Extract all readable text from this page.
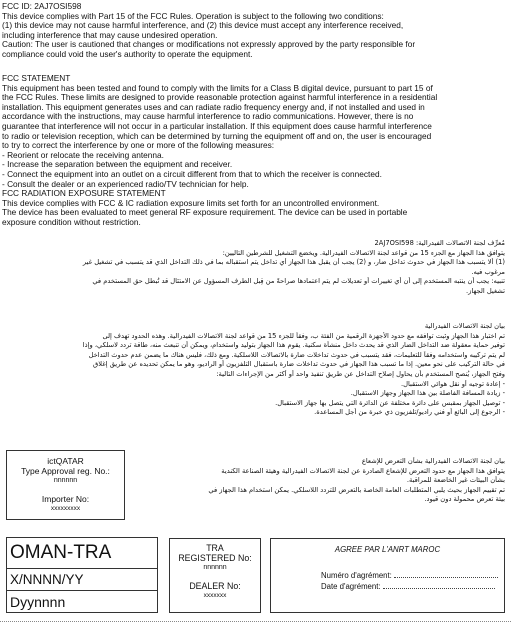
FCC ID: 2AJ7OSI598

This device complies with Part 15 of the FCC Rules. Operation is subject to the following two conditions:

(1) this device may not cause harmful interference, and (2) this device must accept any interference received,

including interference that may cause undesired operation.

Caution: The user is cautioned that changes or modifications not expressly approved by the party responsible for

compliance could void the user's authority to operate the equipment.

FCC STATEMENT

This equipment has been tested and found to comply with the limits for a Class B digital device, pursuant to part 15 of

the FCC Rules. These limits are designed to provide reasonable protection against harmful interference in a residential

installation. This equipment generates uses and can radiate radio frequency energy and, if not installed and used in

accordance with the instructions, may cause harmful interference to radio communications. However, there is no

guarantee that interference will not occur in a particular installation. If this equipment does cause harmful interference

to radio or television reception, which can be determined by turning the equipment off and on, the user is encouraged

to try to correct the interference by one or more of the following measures:

- Reorient or relocate the receiving antenna.

- Increase the separation between the equipment and receiver.

- Connect the equipment into an outlet on a circuit different from that to which the receiver is connected.

- Consult the dealer or an experienced radio/TV technician for help.

FCC RADIATION EXPOSURE STATEMENT

This device complies with FCC & IC radiation exposure limits set forth for an uncontrolled environment.

The device has been evaluated to meet general RF exposure requirement. The device can be used in portable

exposure condition without restriction.

مُعرِّف لجنة الاتصالات الفيدرالية: 2AJ7OSI598

يتوافق هذا الجهاز مع الجزء 15 من قواعد لجنة الاتصالات الفيدرالية. ويخضع التشغيل للشرطين التاليين:

(1) ألا يتسبب هذا الجهاز في حدوث تداخل ضار، و (2) يجب أن يقبل هذا الجهاز أي تداخل يتم استقباله بما في ذلك التداخل الذي قد يتسبب في تشغيل غير

مرغوب فيه.

تنبيه: يجب أن ينتبه المستخدم إلى أن أي تغييرات أو تعديلات لم يتم اعتمادها صراحةً من قِبل الطرف المسؤول عن الامتثال قد تُبطل حق المستخدم في

تشغيل الجهاز.

بيان لجنة الاتصالات الفيدرالية

تم اختبار هذا الجهاز وثبت توافقه مع حدود الأجهزة الرقمية من الفئة ب، وفقاً للجزء 15 من قواعد لجنة الاتصالات الفيدرالية. وهذه الحدود تهدف إلى

توفير حماية معقولة ضد التداخل الضار الذي قد يحدث داخل منشأة سكنية. يقوم هذا الجهاز بتوليد واستخدام، ويمكن أن تنبعث منه، طاقة تردد لاسلكي، وإذا

لم يتم تركيبه واستخدامه وفقاً للتعليمات، فقد يتسبب في حدوث تداخلات ضارة بالاتصالات اللاسلكية. ومع ذلك، فليس هناك ما يضمن عدم حدوث التداخل

في حالة التركيب على نحو معين. إذا ما تسبب هذا الجهاز في حدوث تداخلات ضارة باستقبال التلفزيون أو الراديو، وهو ما يمكن تحديده عن طريق إغلاق

وفتح الجهاز، يُنصح المستخدم بأن يحاول إصلاح التداخل عن طريق تنفيذ واحد أو أكثر من الإجراءات التالية:

- إعادة توجيه أو نقل هوائي الاستقبال.

- زيادة المسافة الفاصلة بين هذا الجهاز وجهاز الاستقبال.

- توصيل الجهاز بمقبس على دائرة مختلفة عن الدائرة التي يتصل بها جهاز الاستقبال.

- الرجوع إلى البائع أو فني راديو/تلفزيون ذي خبرة من أجل المساعدة.

بيان لجنة الاتصالات الفيدرالية بشأن التعرض للإشعاع

يتوافق هذا الجهاز مع حدود التعرض للإشعاع الصادرة عن لجنة الاتصالات الفيدرالية وهيئة الصناعة الكندية

بشأن البيئات غير الخاضعة للمراقبة.

تم تقييم الجهاز بحيث يلبي المتطلبات العامة الخاصة بالتعرض للتردد اللاسلكي. يمكن استخدام هذا الجهاز في

بيئة تعرض محمولة دون قيود.

ictQATAR
Type Approval reg. No.:
nnnnnn
Importer No:
xxxxxxxxx
OMAN-TRA
X/NNNN/YY
Dyynnnn
TRA
REGISTERED No:
nnnnnn
DEALER No:
xxxxxxx
AGREE PAR L'ANRT MAROC
Numéro d'agrément:
Date d'agrément:
